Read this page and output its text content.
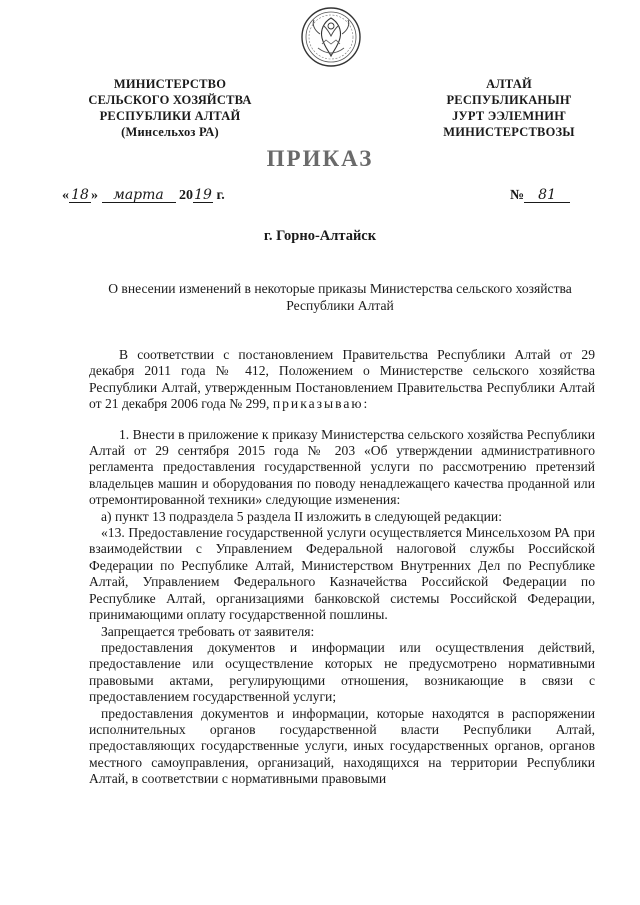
МИНИСТЕРСТВО
СЕЛЬСКОГО ХОЗЯЙСТВА
РЕСПУБЛИКИ АЛТАЙ
(Минсельхоз РА)
АЛТАЙ
РЕСПУБЛИКАНЫҤ
ЈУРТ ЭЭЛЕМНИҤ
МИНИСТЕРСТВОЗЫ
ПРИКАЗ
« 18 » марта 2019 г.	№ 81
г. Горно-Алтайск
О внесении изменений в некоторые приказы Министерства сельского хозяйства Республики Алтай

В соответствии с постановлением Правительства Республики Алтай от 29 декабря 2011 года № 412, Положением о Министерстве сельского хозяйства Республики Алтай, утвержденным Постановлением Правительства Республики Алтай от 21 декабря 2006 года № 299, приказываю:

1. Внести в приложение к приказу Министерства сельского хозяйства Республики Алтай от 29 сентября 2015 года № 203 «Об утверждении административного регламента предоставления государственной услуги по рассмотрению претензий владельцев машин и оборудования по поводу ненадлежащего качества проданной или отремонтированной техники» следующие изменения:

а) пункт 13 подраздела 5 раздела II изложить в следующей редакции:

«13. Предоставление государственной услуги осуществляется Минсельхозом РА при взаимодействии с Управлением Федеральной налоговой службы Российской Федерации по Республике Алтай, Министерством Внутренних Дел по Республике Алтай, Управлением Федерального Казначейства Российской Федерации по Республике Алтай, организациями банковской системы Российской Федерации, принимающими оплату государственной пошлины.

Запрещается требовать от заявителя:

предоставления документов и информации или осуществления действий, предоставление или осуществление которых не предусмотрено нормативными правовыми актами, регулирующими отношения, возникающие в связи с предоставлением государственной услуги;

предоставления документов и информации, которые находятся в распоряжении исполнительных органов государственной власти Республики Алтай, предоставляющих государственные услуги, иных государственных органов, органов местного самоуправления, организаций, находящихся на территории Республики Алтай, в соответствии с нормативными правовыми
